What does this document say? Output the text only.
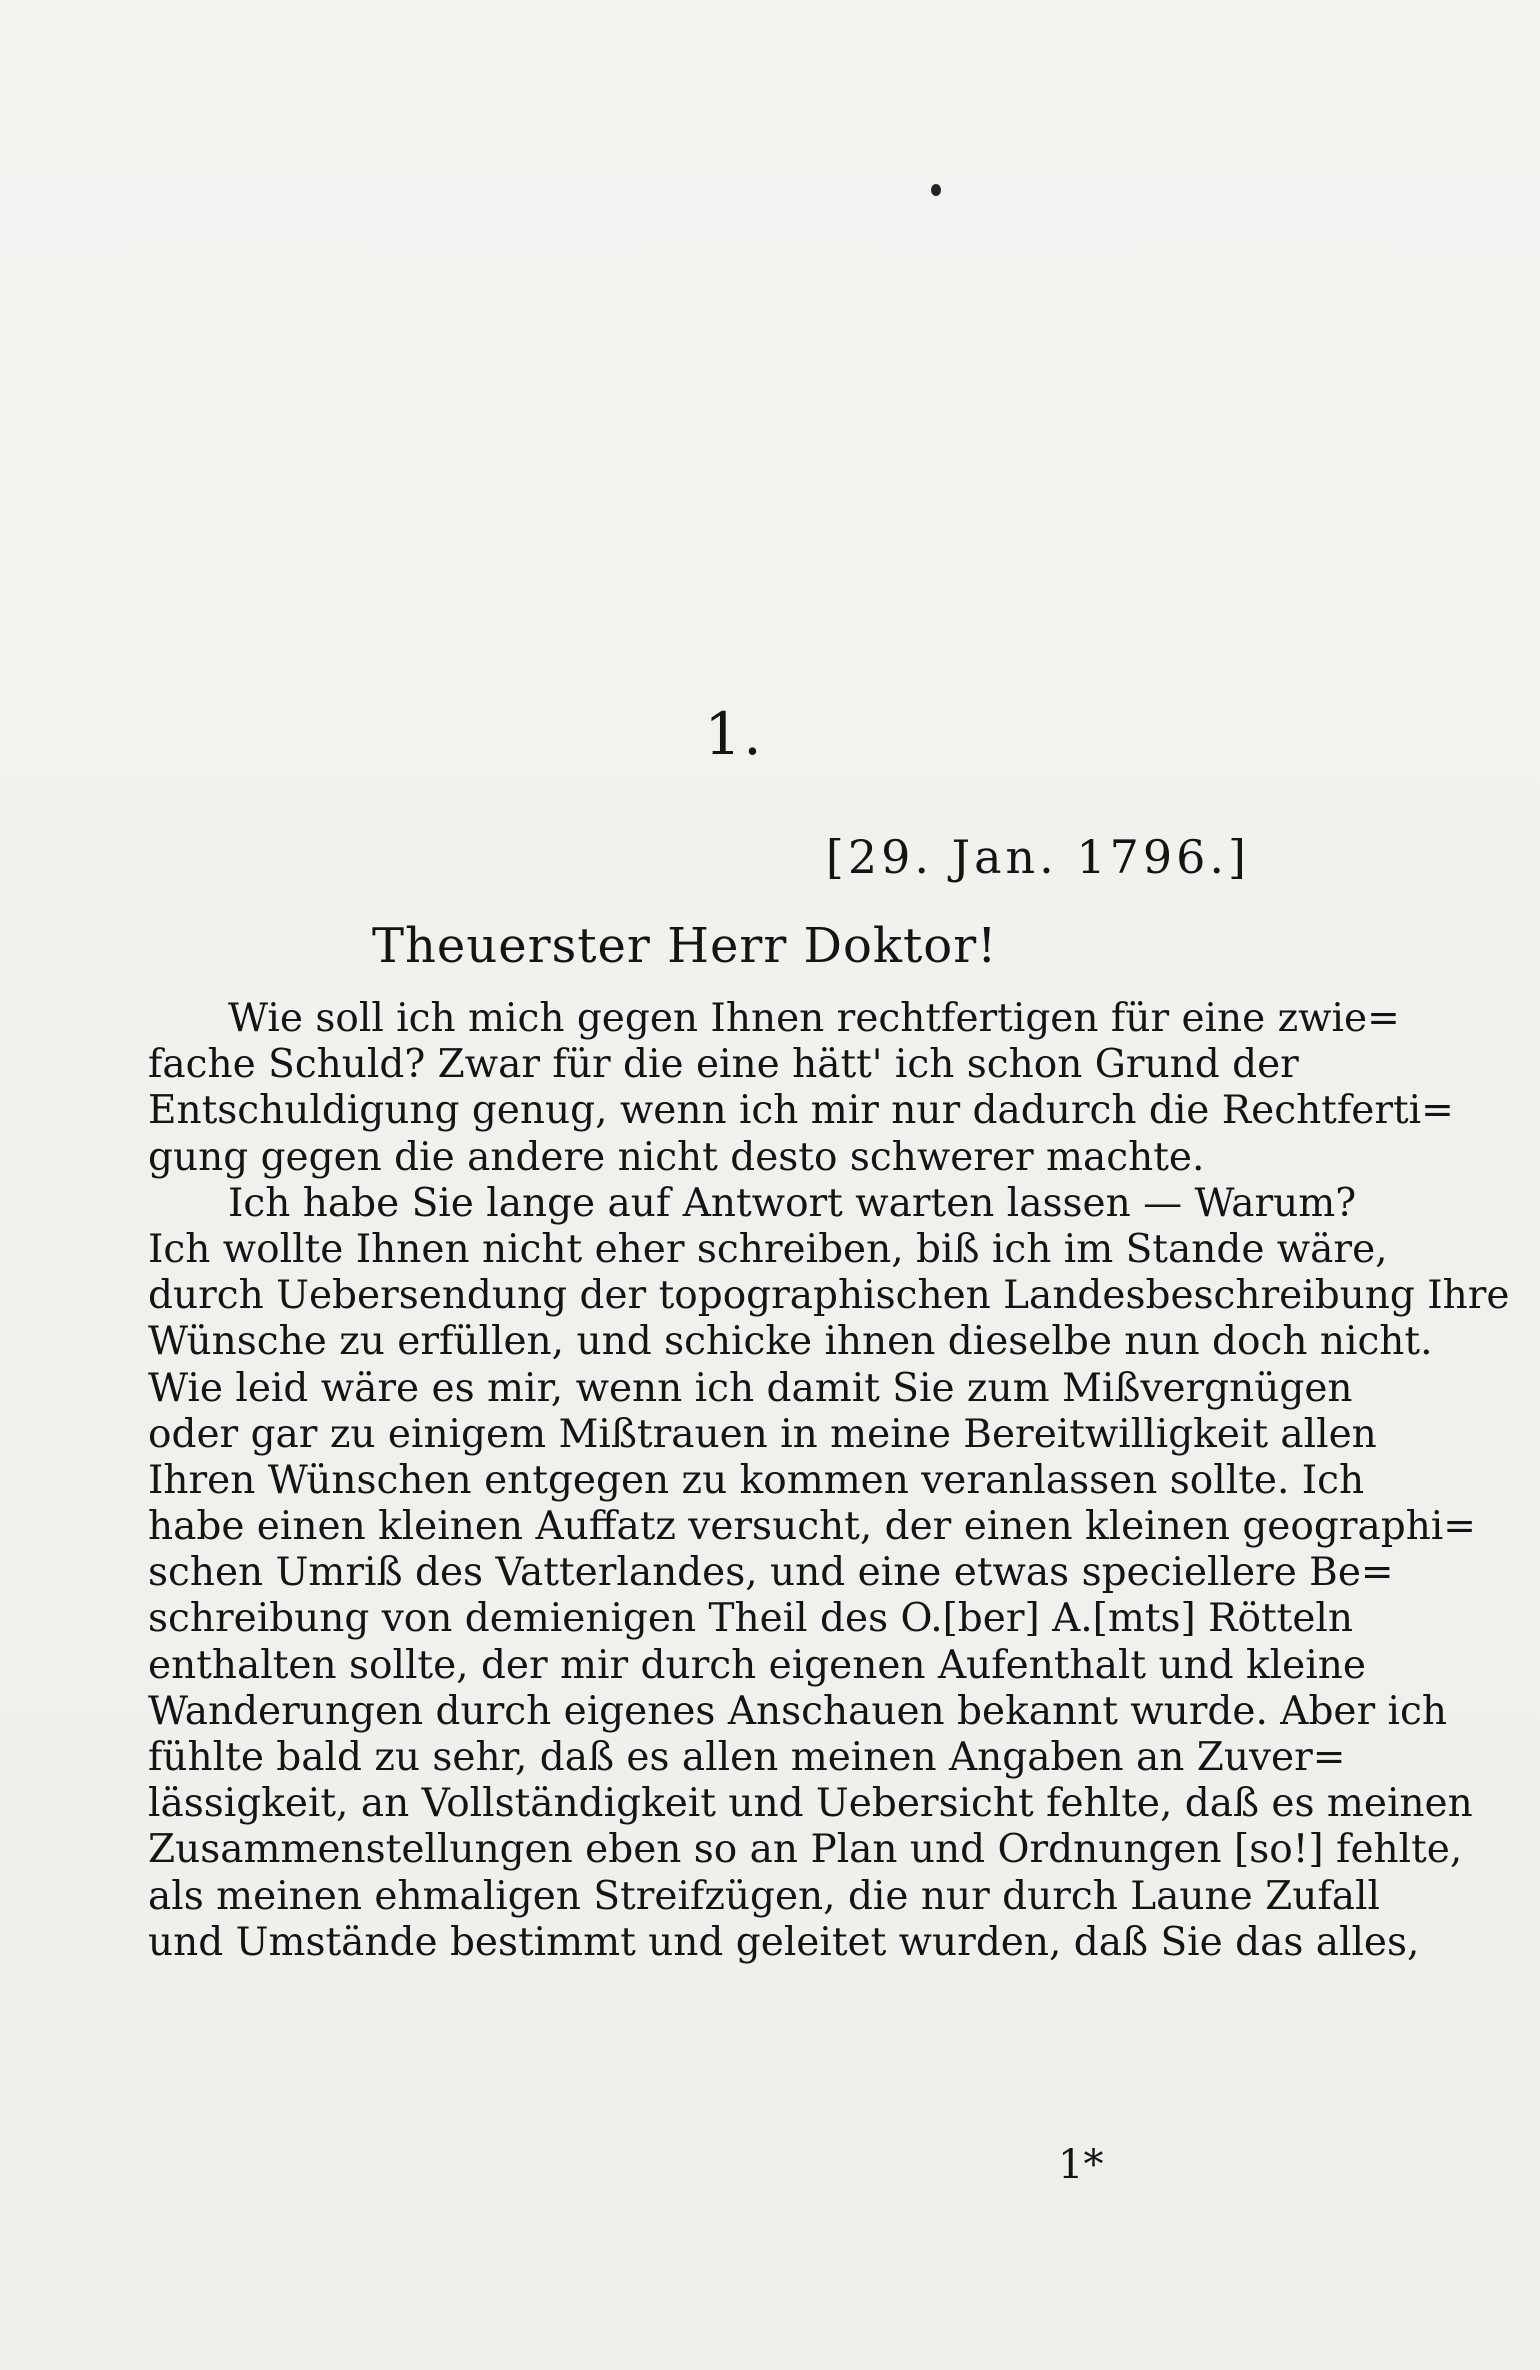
1.
[29. Jan. 1796.]
Theuerster Herr Doktor!
Wie soll ich mich gegen Ihnen rechtfertigen für eine zwie=
fache Schuld? Zwar für die eine hätt' ich schon Grund der
Entschuldigung genug, wenn ich mir nur dadurch die Rechtferti=
gung gegen die andere nicht desto schwerer machte.
Ich habe Sie lange auf Antwort warten lassen — Warum?
Ich wollte Ihnen nicht eher schreiben, biß ich im Stande wäre,
durch Uebersendung der topographischen Landesbeschreibung Ihre
Wünsche zu erfüllen, und schicke ihnen dieselbe nun doch nicht.
Wie leid wäre es mir, wenn ich damit Sie zum Mißvergnügen
oder gar zu einigem Mißtrauen in meine Bereitwilligkeit allen
Ihren Wünschen entgegen zu kommen veranlassen sollte. Ich
habe einen kleinen Auffatz versucht, der einen kleinen geographi=
schen Umriß des Vatterlandes, und eine etwas speciellere Be=
schreibung von demienigen Theil des O.[ber] A.[mts] Rötteln
enthalten sollte, der mir durch eigenen Aufenthalt und kleine
Wanderungen durch eigenes Anschauen bekannt wurde. Aber ich
fühlte bald zu sehr, daß es allen meinen Angaben an Zuver=
lässigkeit, an Vollständigkeit und Uebersicht fehlte, daß es meinen
Zusammenstellungen eben so an Plan und Ordnungen [so!] fehlte,
als meinen ehmaligen Streifzügen, die nur durch Laune Zufall
und Umstände bestimmt und geleitet wurden, daß Sie das alles,
1*
